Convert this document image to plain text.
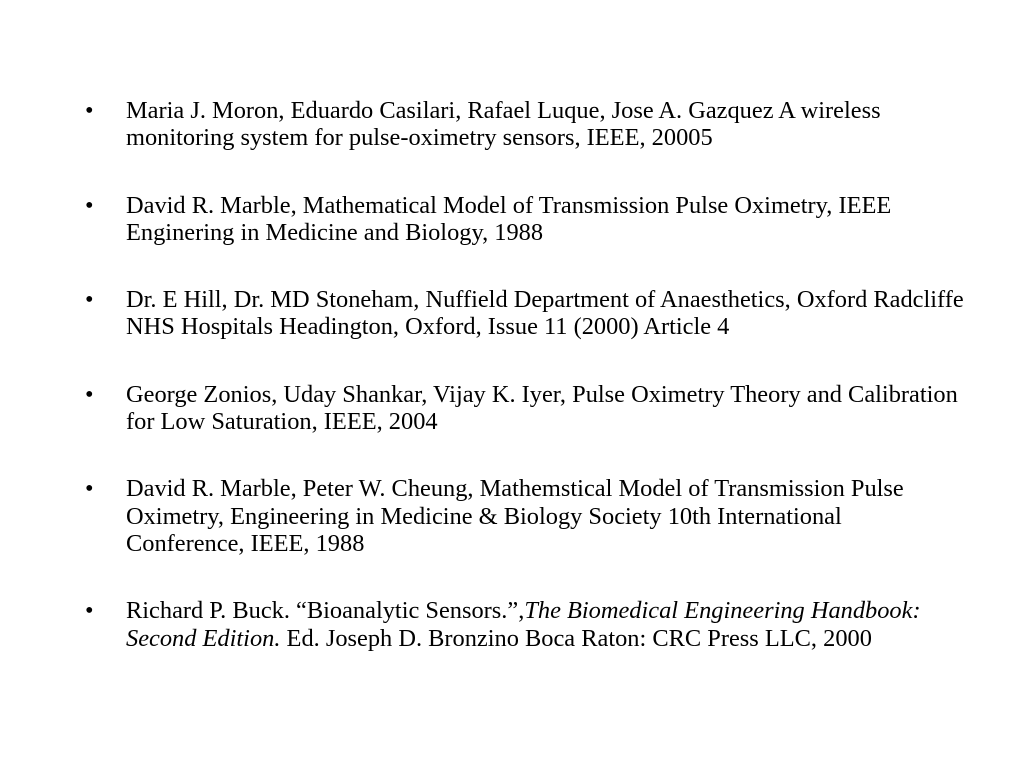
• Maria J. Moron, Eduardo Casilari, Rafael Luque, Jose A. Gazquez A wireless monitoring system for pulse-oximetry sensors, IEEE, 20005
• David R. Marble, Mathematical Model of Transmission Pulse Oximetry, IEEE Enginering in Medicine and Biology, 1988
• Dr. E Hill, Dr. MD Stoneham, Nuffield Department of Anaesthetics, Oxford Radcliffe NHS Hospitals Headington, Oxford, Issue 11 (2000) Article 4
• George Zonios, Uday Shankar, Vijay K. Iyer, Pulse Oximetry Theory and Calibration for Low Saturation, IEEE, 2004
• David R. Marble, Peter W. Cheung, Mathemstical Model of Transmission Pulse Oximetry, Engineering in Medicine & Biology Society 10th International Conference, IEEE, 1988
• Richard P. Buck. “Bioanalytic Sensors.”,The Biomedical Engineering Handbook: Second Edition. Ed. Joseph D. Bronzino Boca Raton: CRC Press LLC, 2000
